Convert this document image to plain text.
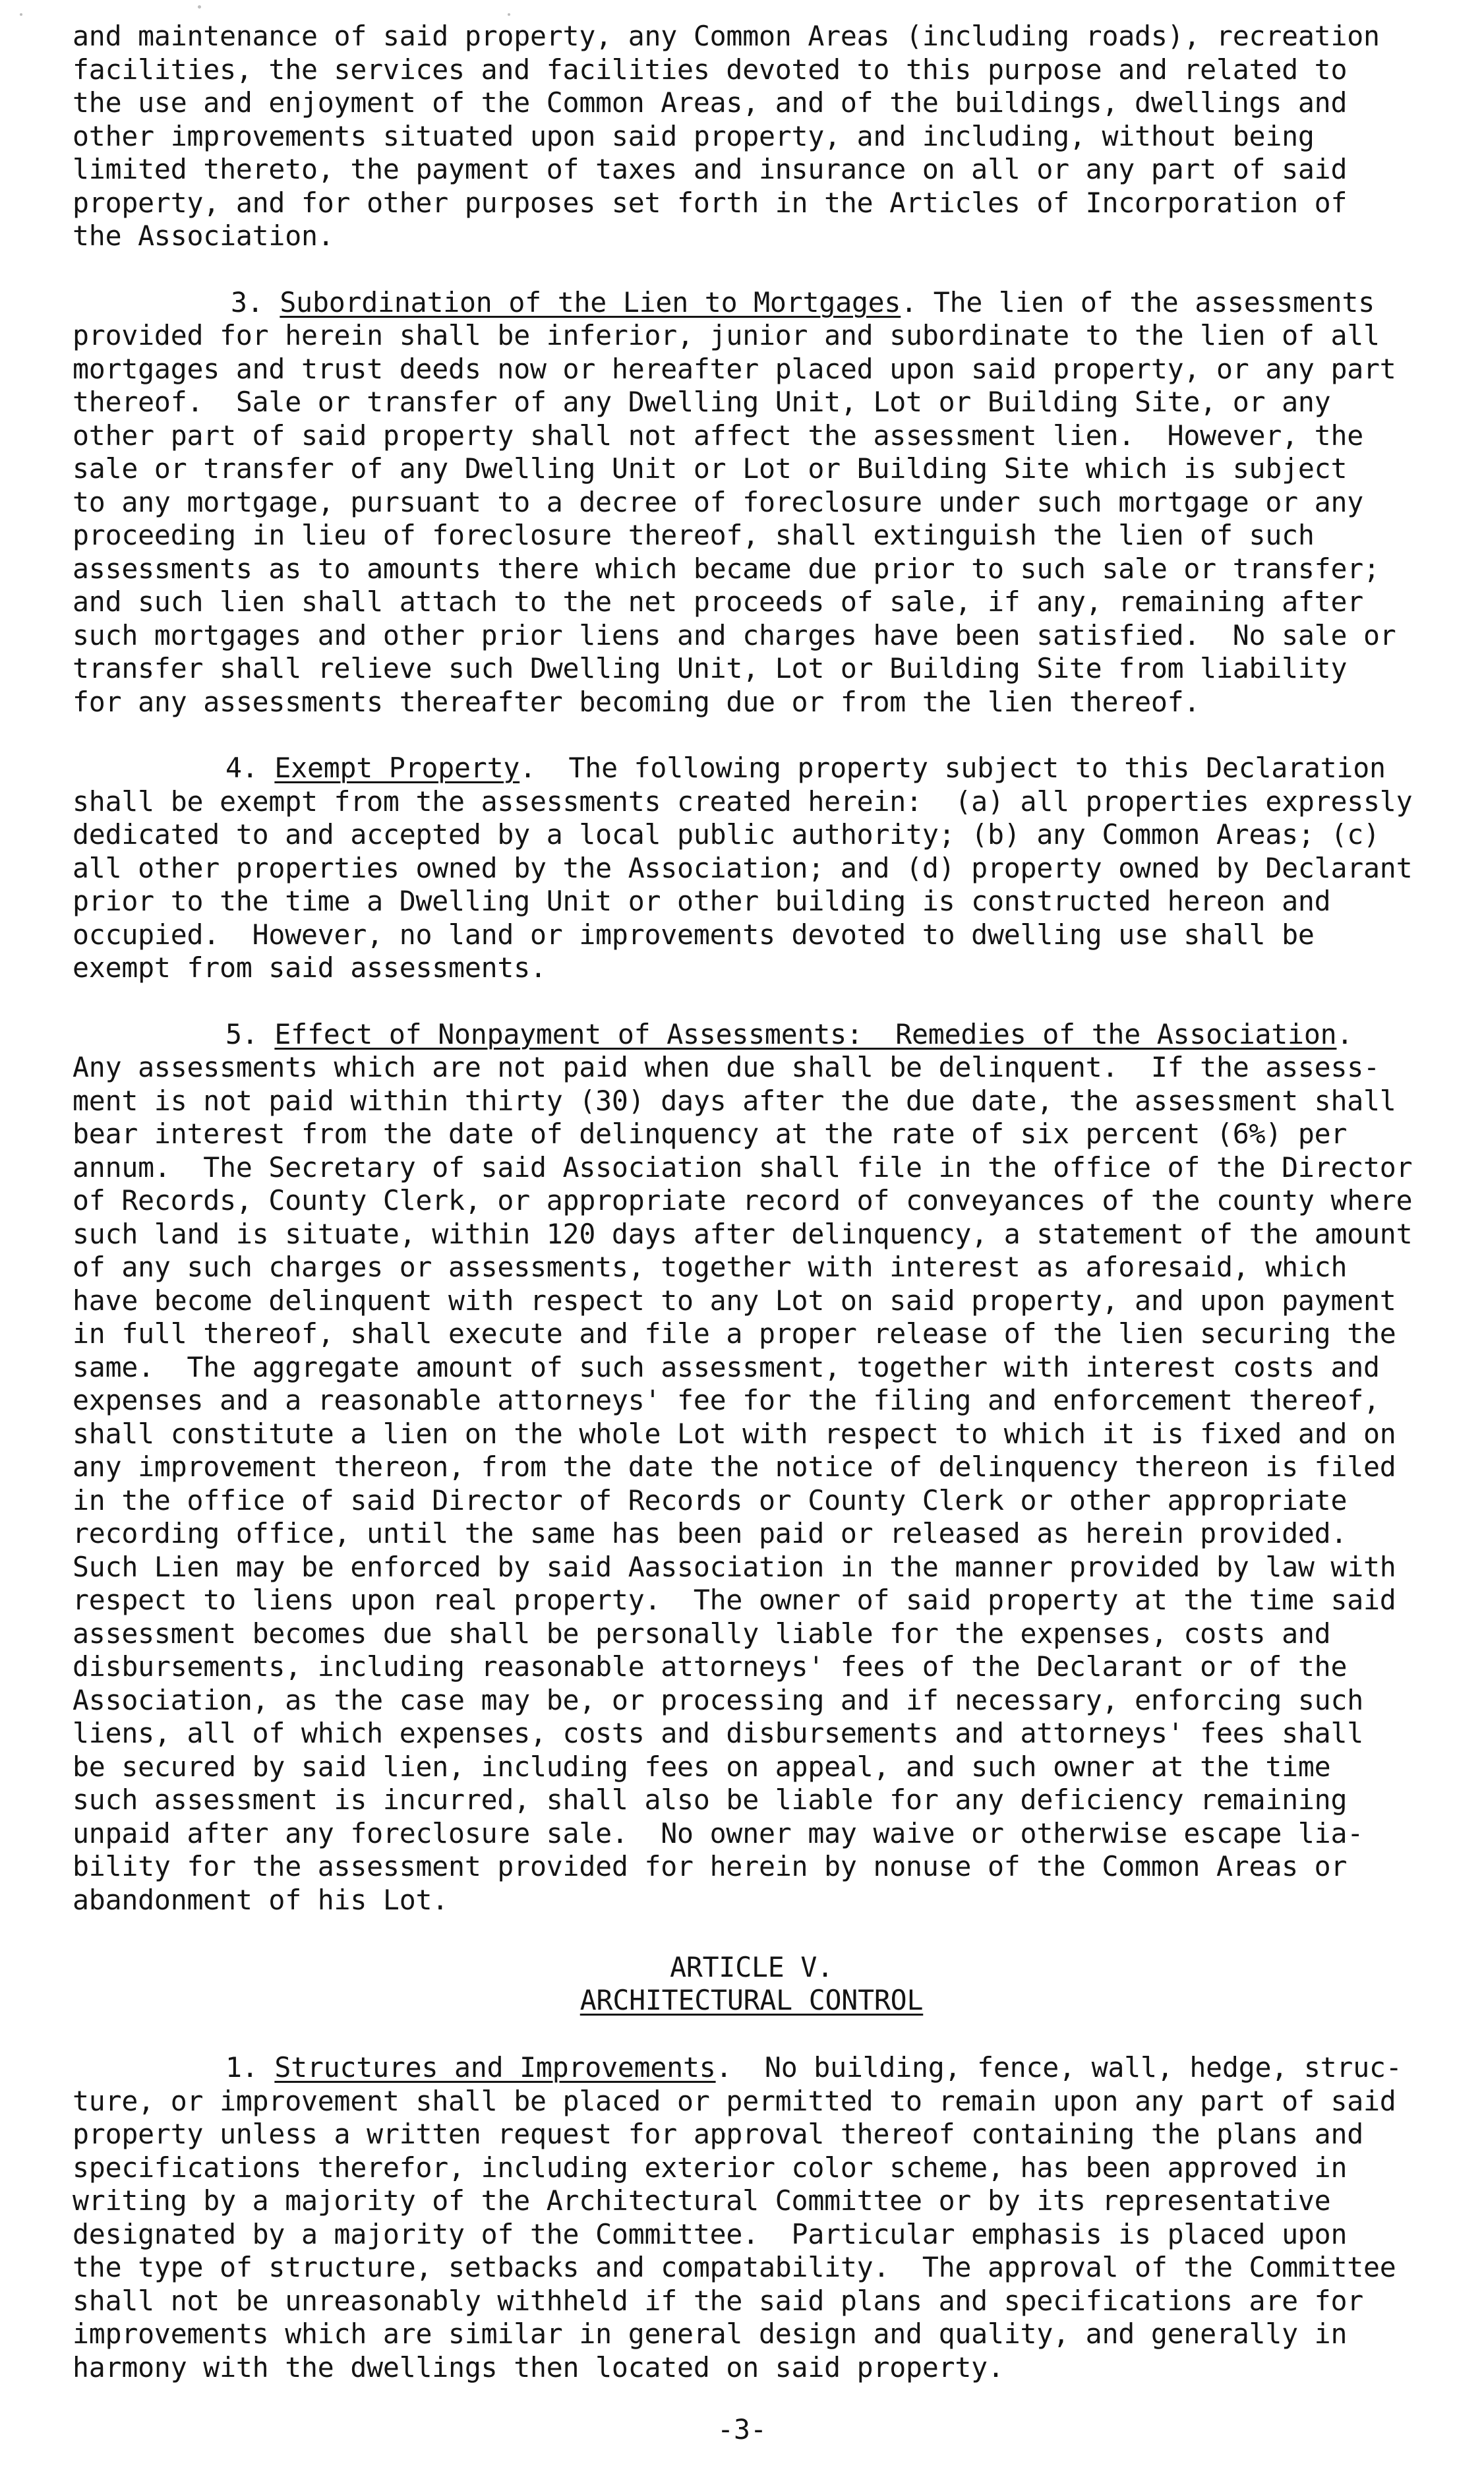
and maintenance of said property, any Common Areas (including roads), recreation
facilities, the services and facilities devoted to this purpose and related to
the use and enjoyment of the Common Areas, and of the buildings, dwellings and
other improvements situated upon said property, and including, without being
limited thereto, the payment of taxes and insurance on all or any part of said
property, and for other purposes set forth in the Articles of Incorporation of
the Association.

3. Subordination of the Lien to Mortgages. The lien of the assessments

provided for herein shall be inferior, junior and subordinate to the lien of all
mortgages and trust deeds now or hereafter placed upon said property, or any part
thereof.  Sale or transfer of any Dwelling Unit, Lot or Building Site, or any
other part of said property shall not affect the assessment lien.  However, the
sale or transfer of any Dwelling Unit or Lot or Building Site which is subject
to any mortgage, pursuant to a decree of foreclosure under such mortgage or any
proceeding in lieu of foreclosure thereof, shall extinguish the lien of such
assessments as to amounts there which became due prior to such sale or transfer;
and such lien shall attach to the net proceeds of sale, if any, remaining after
such mortgages and other prior liens and charges have been satisfied.  No sale or
transfer shall relieve such Dwelling Unit, Lot or Building Site from liability
for any assessments thereafter becoming due or from the lien thereof.

4. Exempt Property.  The following property subject to this Declaration

shall be exempt from the assessments created herein:  (a) all properties expressly
dedicated to and accepted by a local public authority; (b) any Common Areas; (c)
all other properties owned by the Association; and (d) property owned by Declarant
prior to the time a Dwelling Unit or other building is constructed hereon and
occupied.  However, no land or improvements devoted to dwelling use shall be
exempt from said assessments.

5. Effect of Nonpayment of Assessments:  Remedies of the Association.

Any assessments which are not paid when due shall be delinquent.  If the assess-
ment is not paid within thirty (30) days after the due date, the assessment shall
bear interest from the date of delinquency at the rate of six percent (6%) per
annum.  The Secretary of said Association shall file in the office of the Director
of Records, County Clerk, or appropriate record of conveyances of the county where
such land is situate, within 120 days after delinquency, a statement of the amount
of any such charges or assessments, together with interest as aforesaid, which
have become delinquent with respect to any Lot on said property, and upon payment
in full thereof, shall execute and file a proper release of the lien securing the
same.  The aggregate amount of such assessment, together with interest costs and
expenses and a reasonable attorneys' fee for the filing and enforcement thereof,
shall constitute a lien on the whole Lot with respect to which it is fixed and on
any improvement thereon, from the date the notice of delinquency thereon is filed
in the office of said Director of Records or County Clerk or other appropriate
recording office, until the same has been paid or released as herein provided.
Such Lien may be enforced by said Aassociation in the manner provided by law with
respect to liens upon real property.  The owner of said property at the time said
assessment becomes due shall be personally liable for the expenses, costs and
disbursements, including reasonable attorneys' fees of the Declarant or of the
Association, as the case may be, or processing and if necessary, enforcing such
liens, all of which expenses, costs and disbursements and attorneys' fees shall
be secured by said lien, including fees on appeal, and such owner at the time
such assessment is incurred, shall also be liable for any deficiency remaining
unpaid after any foreclosure sale.  No owner may waive or otherwise escape lia-
bility for the assessment provided for herein by nonuse of the Common Areas or
abandonment of his Lot.

ARTICLE V.

ARCHITECTURAL CONTROL

1. Structures and Improvements.  No building, fence, wall, hedge, struc-

ture, or improvement shall be placed or permitted to remain upon any part of said
property unless a written request for approval thereof containing the plans and
specifications therefor, including exterior color scheme, has been approved in
writing by a majority of the Architectural Committee or by its representative
designated by a majority of the Committee.  Particular emphasis is placed upon
the type of structure, setbacks and compatability.  The approval of the Committee
shall not be unreasonably withheld if the said plans and specifications are for
improvements which are similar in general design and quality, and generally in
harmony with the dwellings then located on said property.

-3-
